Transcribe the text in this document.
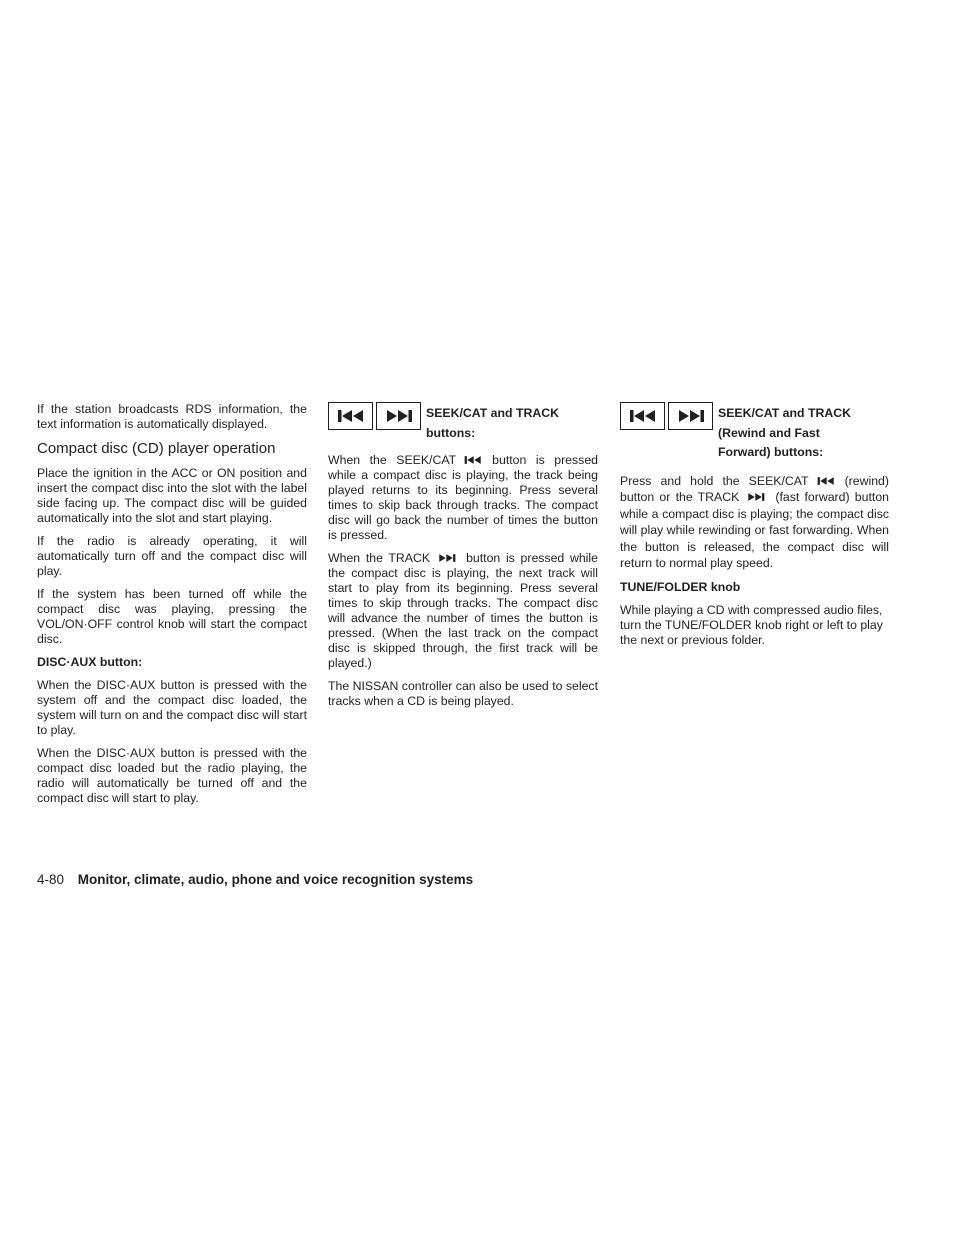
If the station broadcasts RDS information, the text information is automatically displayed.

Compact disc (CD) player operation

Place the ignition in the ACC or ON position and insert the compact disc into the slot with the label side facing up. The compact disc will be guided automatically into the slot and start playing.

If the radio is already operating, it will automatically turn off and the compact disc will play.

If the system has been turned off while the compact disc was playing, pressing the VOL/ON·OFF control knob will start the compact disc.

DISC·AUX button:

When the DISC·AUX button is pressed with the system off and the compact disc loaded, the system will turn on and the compact disc will start to play.

When the DISC·AUX button is pressed with the compact disc loaded but the radio playing, the radio will automatically be turned off and the compact disc will start to play.

SEEK/CAT and TRACK
buttons:

When the SEEK/CAT	button is pressed while a compact disc is playing, the track being played returns to its beginning. Press several times to skip back through tracks. The compact disc will go back the number of times the button is pressed.

When the TRACK	button is pressed while the compact disc is playing, the next track will start to play from its beginning. Press several times to skip through tracks. The compact disc will advance the number of times the button is pressed. (When the last track on the compact disc is skipped through, the first track will be played.)

The NISSAN controller can also be used to select tracks when a CD is being played.

SEEK/CAT and TRACK
(Rewind and Fast
Forward) buttons:

Press and hold the SEEK/CAT	(rewind) button or the TRACK	(fast forward) button while a compact disc is playing; the compact disc will play while rewinding or fast forwarding. When the button is released, the compact disc will return to normal play speed.

TUNE/FOLDER knob

While playing a CD with compressed audio files, turn the TUNE/FOLDER knob right or left to play the next or previous folder.

4-80 Monitor, climate, audio, phone and voice recognition systems
